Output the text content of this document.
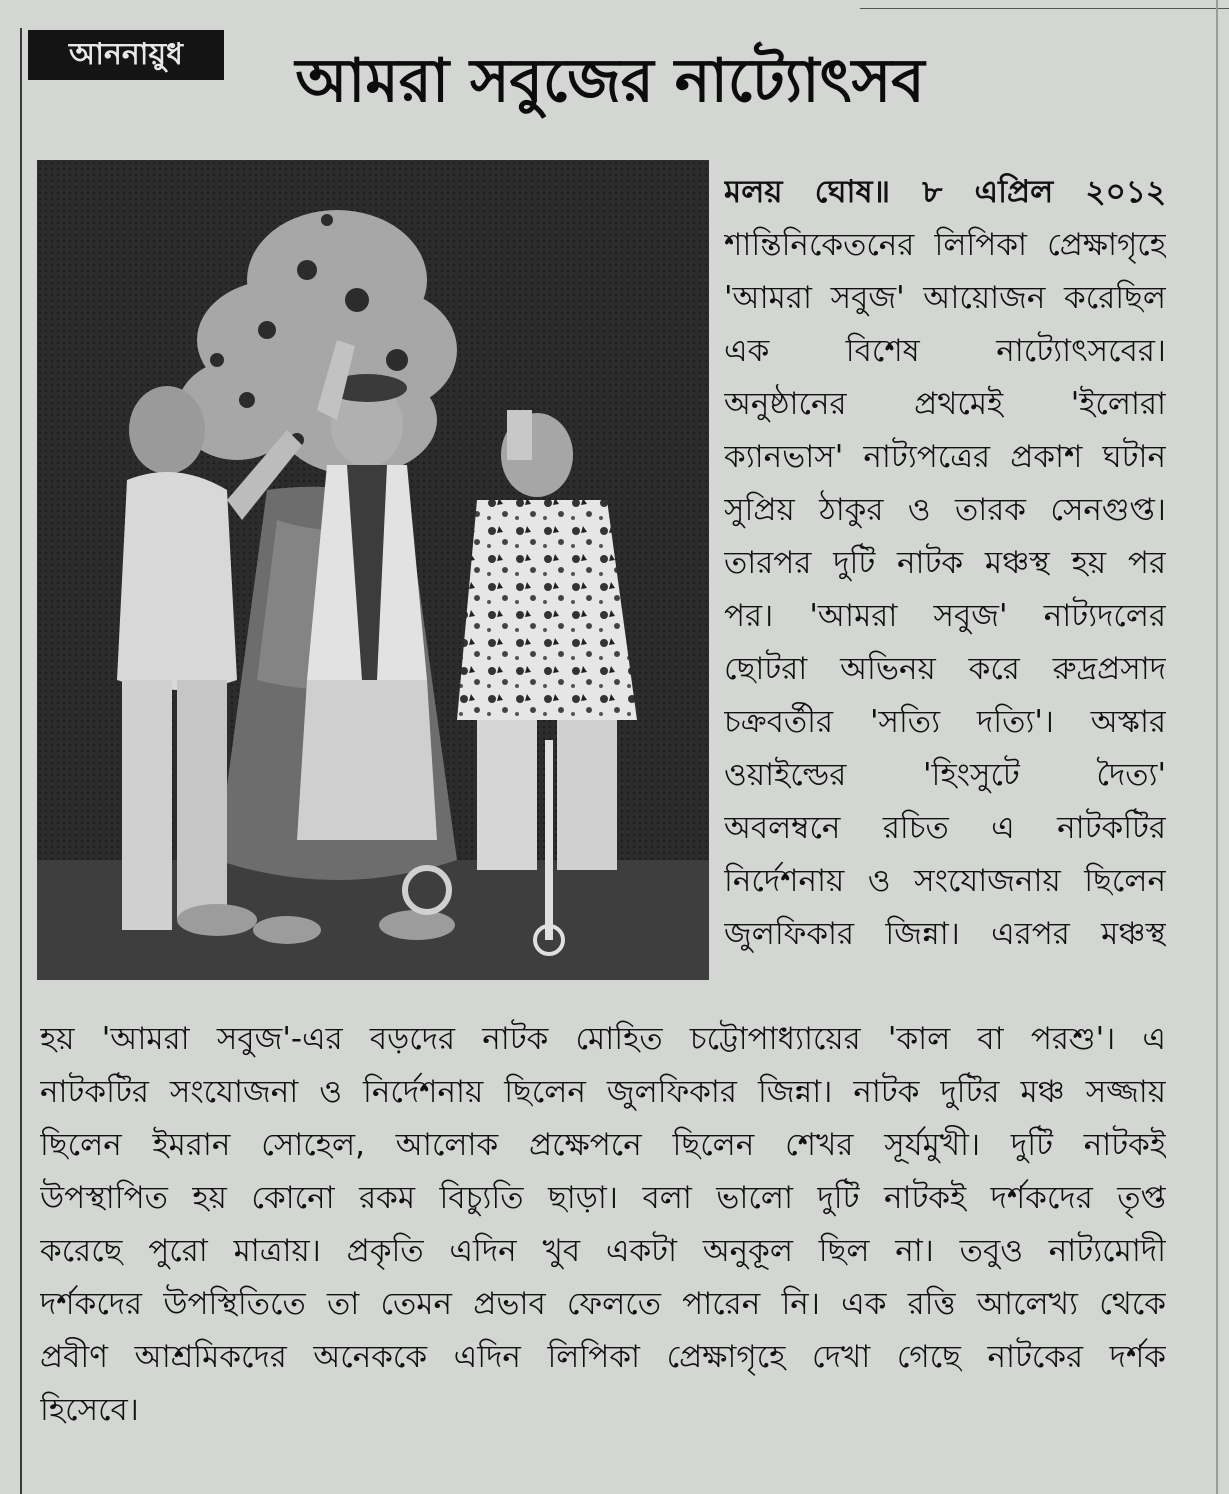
আননায়ুধ	আমরা সবুজের নাট্যোৎসব
মলয় ঘোষ॥ ৮ এপ্রিল ২০১২
শান্তিনিকেতনের লিপিকা প্রেক্ষাগৃহে
'আমরা সবুজ' আয়োজন করেছিল
এক বিশেষ নাট্যোৎসবের।
অনুষ্ঠানের প্রথমেই 'ইলোরা
ক্যানভাস' নাট্যপত্রের প্রকাশ ঘটান
সুপ্রিয় ঠাকুর ও তারক সেনগুপ্ত।
তারপর দুটি নাটক মঞ্চস্থ হয় পর
পর। 'আমরা সবুজ' নাট্যদলের
ছোটরা অভিনয় করে রুদ্রপ্রসাদ
চক্রবর্তীর 'সত্যি দত্যি'। অস্কার
ওয়াইল্ডের 'হিংসুটে দৈত্য'
অবলম্বনে রচিত এ নাটকটির
নির্দেশনায় ও সংযোজনায় ছিলেন
জুলফিকার জিন্না। এরপর মঞ্চস্থ
হয় 'আমরা সবুজ'-এর বড়দের নাটক মোহিত চট্টোপাধ্যায়ের 'কাল বা পরশু'। এ
নাটকটির সংযোজনা ও নির্দেশনায় ছিলেন জুলফিকার জিন্না। নাটক দুটির মঞ্চ সজ্জায়
ছিলেন ইমরান সোহেল, আলোক প্রক্ষেপনে ছিলেন শেখর সূর্যমুখী। দুটি নাটকই
উপস্থাপিত হয় কোনো রকম বিচ্যুতি ছাড়া। বলা ভালো দুটি নাটকই দর্শকদের তৃপ্ত
করেছে পুরো মাত্রায়। প্রকৃতি এদিন খুব একটা অনুকূল ছিল না। তবুও নাট্যমোদী
দর্শকদের উপস্থিতিতে তা তেমন প্রভাব ফেলতে পারেন নি। এক রত্তি আলেখ্য থেকে
প্রবীণ আশ্রমিকদের অনেককে এদিন লিপিকা প্রেক্ষাগৃহে দেখা গেছে নাটকের দর্শক
হিসেবে।
